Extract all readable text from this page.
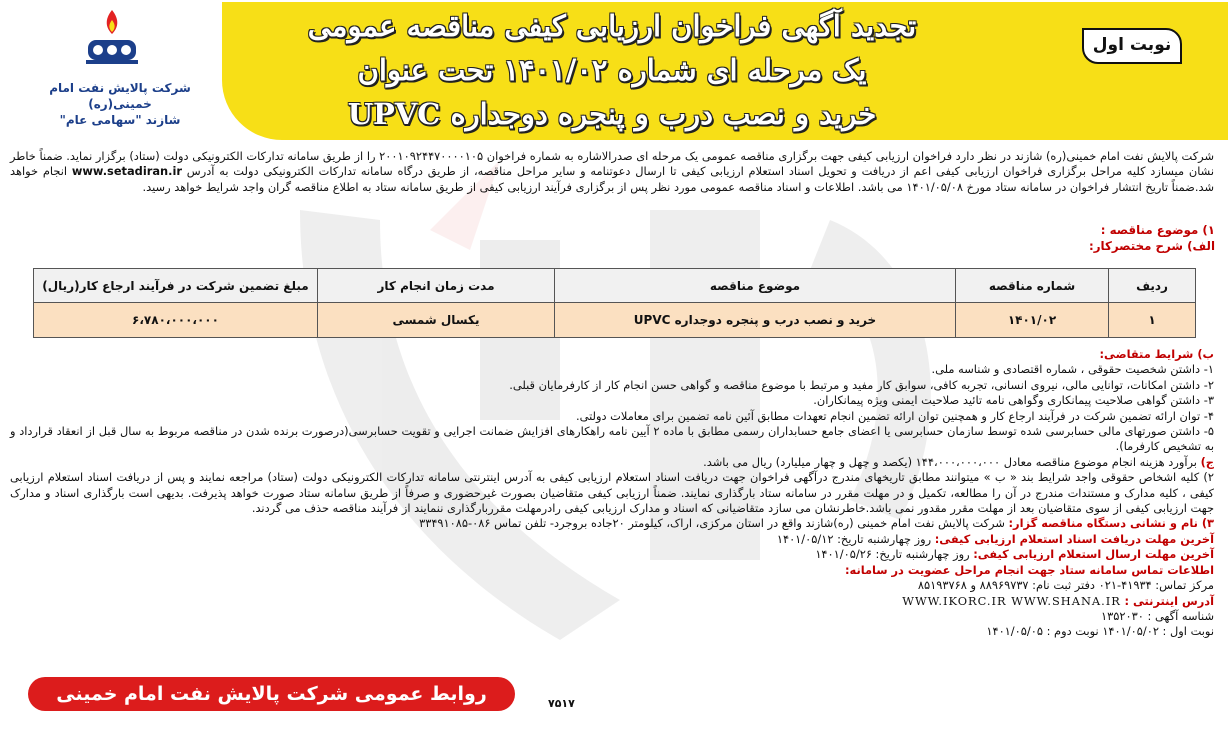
شرکت پالایش نفت امام خمینی(ره)
شازند "سهامی عام"
تجدید آگهی فراخوان ارزیابی کیفی مناقصه عمومی
یک مرحله ای شماره ۱۴۰۱/۰۲ تحت عنوان
خرید و نصب درب و پنجره دوجداره UPVC
نوبت اول
شرکت پالایش نفت امام خمینی(ره) شازند در نظر دارد فراخوان ارزیابی کیفی جهت برگزاری مناقصه عمومی یک مرحله ای صدرالاشاره به شماره فراخوان ۲۰۰۱۰۹۲۴۴۷۰۰۰۰۱۰۵ را از طریق سامانه تدارکات الکترونیکی دولت (ستاد) برگزار نماید. ضمناً خاطر نشان میسازد کلیه مراحل برگزاری فراخوان ارزیابی کیفی اعم از دریافت و تحویل اسناد استعلام ارزیابی کیفی تا ارسال دعوتنامه و سایر مراحل مناقصه، از طریق درگاه سامانه تدارکات الکترونیکی دولت به آدرس www.setadiran.ir انجام خواهد شد.ضمناً تاریخ انتشار فراخوان در سامانه ستاد مورخ ۱۴۰۱/۰۵/۰۸ می باشد. اطلاعات و اسناد مناقصه عمومی مورد نظر پس از برگزاری فرآیند ارزیابی کیفی از طریق سامانه ستاد به اطلاع مناقصه گران واجد شرایط خواهد رسید.
۱) موضوع مناقصه :
الف) شرح مختصرکار:
ردیف	شماره مناقصه	موضوع مناقصه	مدت زمان انجام کار	مبلغ تضمین شرکت در فرآیند ارجاع کار(ریال)
۱	۱۴۰۱/۰۲	خرید و نصب درب و پنجره دوجداره UPVC	یکسال شمسی	۶،۷۸۰،۰۰۰،۰۰۰

ب) شرایط متقاضی:

۱- داشتن شخصیت حقوقی ، شماره اقتصادی و شناسه ملی.

۲- داشتن امکانات، توانایی مالی، نیروی انسانی، تجربه کافی، سوابق کار مفید و مرتبط با موضوع مناقصه و گواهی حسن انجام کار از کارفرمایان قبلی.

۳- داشتن گواهی صلاحیت پیمانکاری وگواهی نامه تائید صلاحیت ایمنی ویژه پیمانکاران.

۴- توان ارائه تضمین شرکت در فرآیند ارجاع کار و همچنین توان ارائه تضمین انجام تعهدات مطابق آئین نامه تضمین برای معاملات دولتی.

۵- داشتن صورتهای مالی حسابرسی شده توسط سازمان حسابرسی یا اعضای جامع حسابداران رسمی مطابق با ماده ۲ آیین نامه راهکارهای افزایش ضمانت اجرایی و تقویت حسابرسی(درصورت برنده شدن در مناقصه مربوط به سال قبل از انعقاد قرارداد و به تشخیص کارفرما).

ج) برآورد هزینه انجام موضوع مناقصه معادل ۱۴۴،۰۰۰،۰۰۰،۰۰۰ (یکصد و چهل و چهار میلیارد) ریال می باشد.

۲) کلیه اشخاص حقوقی واجد شرایط بند « ب » میتوانند مطابق تاریخهای مندرج درآگهی فراخوان جهت دریافت اسناد استعلام ارزیابی کیفی به آدرس اینترنتی سامانه تدارکات الکترونیکی دولت (ستاد) مراجعه نمایند و پس از دریافت اسناد استعلام ارزیابی کیفی ، کلیه مدارک و مستندات مندرج در آن را مطالعه، تکمیل و در مهلت مقرر در سامانه ستاد بارگذاری نمایند. ضمناً ارزیابی کیفی متقاضیان بصورت غیرحضوری و صرفاً از طریق سامانه ستاد صورت خواهد پذیرفت. بدیهی است بارگذاری اسناد و مدارک جهت ارزیابی کیفی از سوی متقاضیان بعد از مهلت مقرر مقدور نمی باشد.خاطرنشان می سازد متقاضیانی که اسناد و مدارک ارزیابی کیفی رادرمهلت مقرربارگذاری ننمایند از فرآیند مناقصه حذف می گردند.

۳) نام و نشانی دستگاه مناقصه گزار: شرکت پالایش نفت امام خمینی (ره)شازند واقع در استان مرکزی، اراک، کیلومتر ۲۰جاده بروجرد- تلفن تماس ۰۸۶-۳۳۴۹۱۰۸۵

آخرین مهلت دریافت اسناد استعلام ارزیابی کیفی: روز چهارشنبه تاریخ: ۱۴۰۱/۰۵/۱۲

آخرین مهلت ارسال استعلام ارزیابی کیفی: روز چهارشنبه تاریخ: ۱۴۰۱/۰۵/۲۶

اطلاعات تماس سامانه ستاد جهت انجام مراحل عضویت در سامانه:

مرکز تماس: ۴۱۹۳۴-۰۲۱ دفتر ثبت نام: ۸۸۹۶۹۷۳۷ و ۸۵۱۹۳۷۶۸

آدرس اینترنتی : WWW.IKORC.IR WWW.SHANA.IR

شناسه آگهی : ۱۳۵۲۰۳۰

نوبت اول : ۱۴۰۱/۰۵/۰۲ نوبت دوم : ۱۴۰۱/۰۵/۰۵

روابط عمومی شرکت پالایش نفت امام خمینی (ره)شازند
۷۵۱۷
